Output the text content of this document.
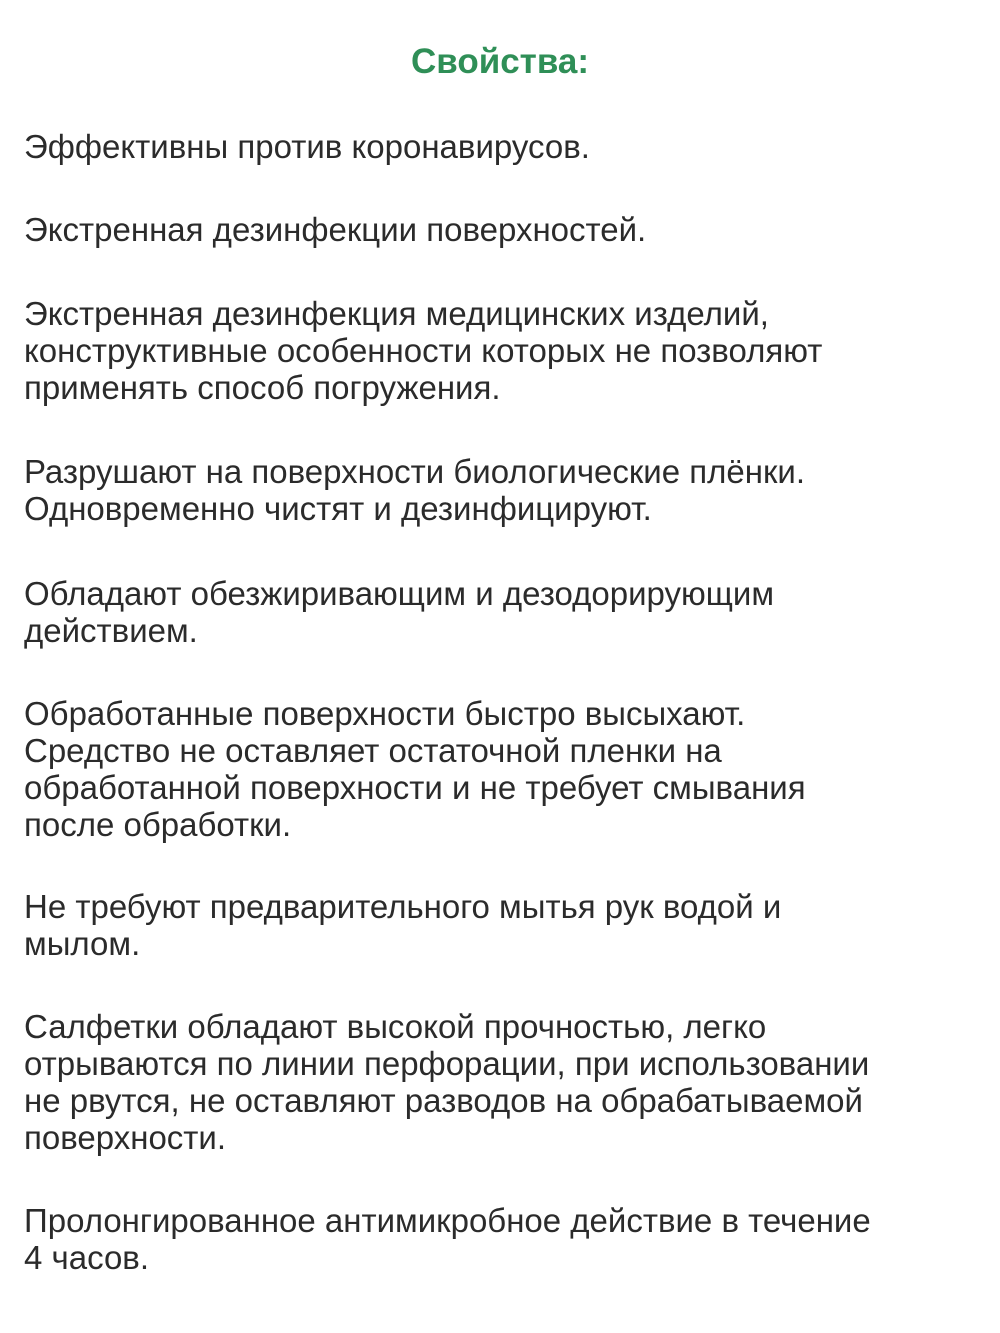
Свойства:

Эффективны против коронавирусов.

Экстренная дезинфекции поверхностей.

Экстренная дезинфекция медицинских изделий,
конструктивные особенности которых не позволяют
применять способ погружения.

Разрушают на поверхности биологические плёнки.
Одновременно чистят и дезинфицируют.

Обладают обезжиривающим и дезодорирующим
действием.

Обработанные поверхности быстро высыхают.
Средство не оставляет остаточной пленки на
обработанной поверхности и не требует смывания
после обработки.

Не требуют предварительного мытья рук водой и
мылом.

Салфетки обладают высокой прочностью, легко
отрываются по линии перфорации, при использовании
не рвутся, не оставляют разводов на обрабатываемой
поверхности.

Пролонгированное антимикробное действие в течение
4 часов.
